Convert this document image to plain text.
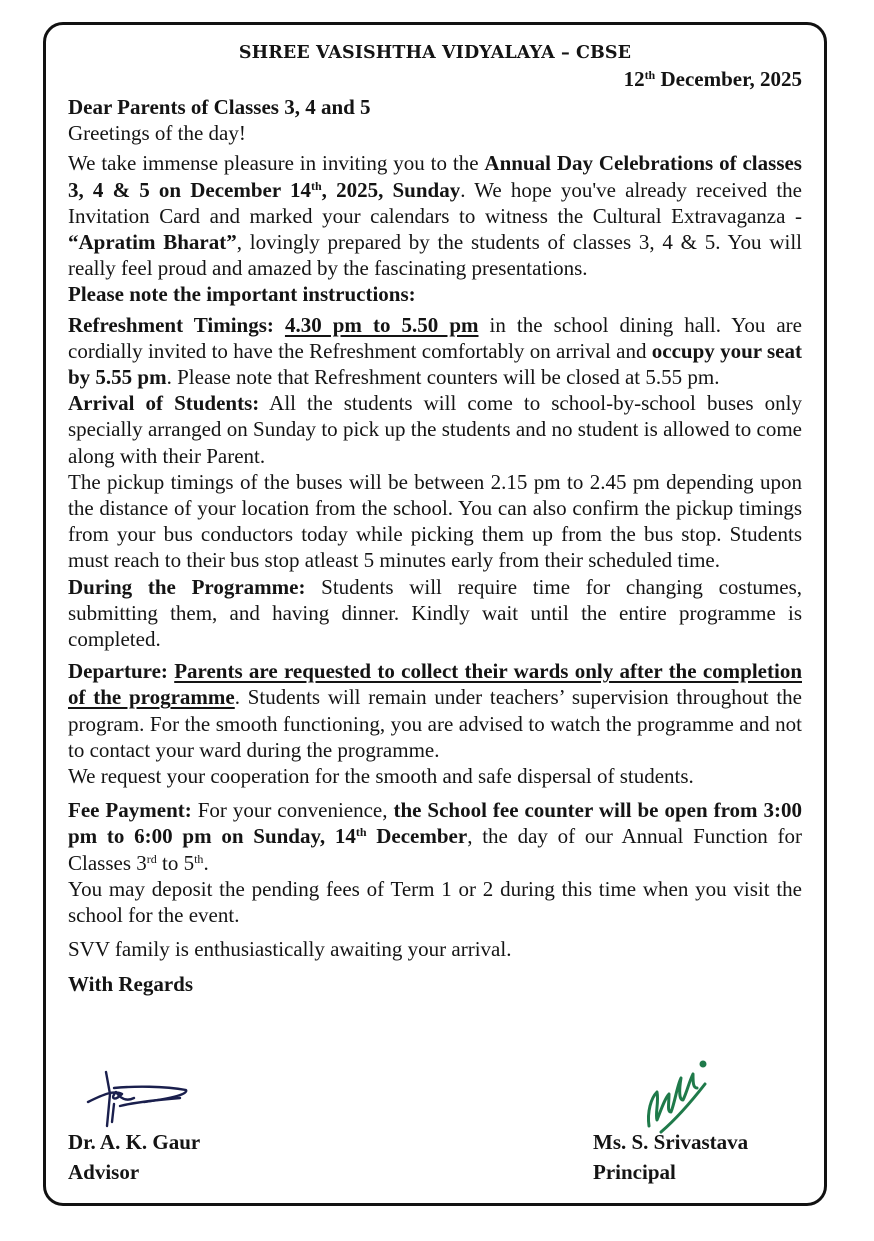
SHREE VASISHTHA VIDYALAYA – CBSE
12th December, 2025

Dear Parents of Classes 3, 4 and 5

Greetings of the day!

We take immense pleasure in inviting you to the Annual Day Celebrations of classes 3, 4 & 5 on December 14th, 2025, Sunday. We hope you've already received the Invitation Card and marked your calendars to witness the Cultural Extravaganza - “Apratim Bharat”, lovingly prepared by the students of classes 3, 4 & 5. You will really feel proud and amazed by the fascinating presentations.

Please note the important instructions:

Refreshment Timings: 4.30 pm to 5.50 pm in the school dining hall. You are cordially invited to have the Refreshment comfortably on arrival and occupy your seat by 5.55 pm. Please note that Refreshment counters will be closed at 5.55 pm.

Arrival of Students: All the students will come to school-by-school buses only specially arranged on Sunday to pick up the students and no student is allowed to come along with their Parent.

The pickup timings of the buses will be between 2.15 pm to 2.45 pm depending upon the distance of your location from the school. You can also confirm the pickup timings from your bus conductors today while picking them up from the bus stop. Students must reach to their bus stop atleast 5 minutes early from their scheduled time.

During the Programme: Students will require time for changing costumes, submitting them, and having dinner. Kindly wait until the entire programme is completed.

Departure: Parents are requested to collect their wards only after the completion of the programme. Students will remain under teachers’ supervision throughout the program. For the smooth functioning, you are advised to watch the programme and not to contact your ward during the programme.

We request your cooperation for the smooth and safe dispersal of students.

Fee Payment: For your convenience, the School fee counter will be open from 3:00 pm to 6:00 pm on Sunday, 14th December, the day of our Annual Function for Classes 3rd to 5th.

You may deposit the pending fees of Term 1 or 2 during this time when you visit the school for the event.

SVV family is enthusiastically awaiting your arrival.

With Regards

Dr. A. K. Gaur
Advisor
Ms. S. Srivastava
Principal
